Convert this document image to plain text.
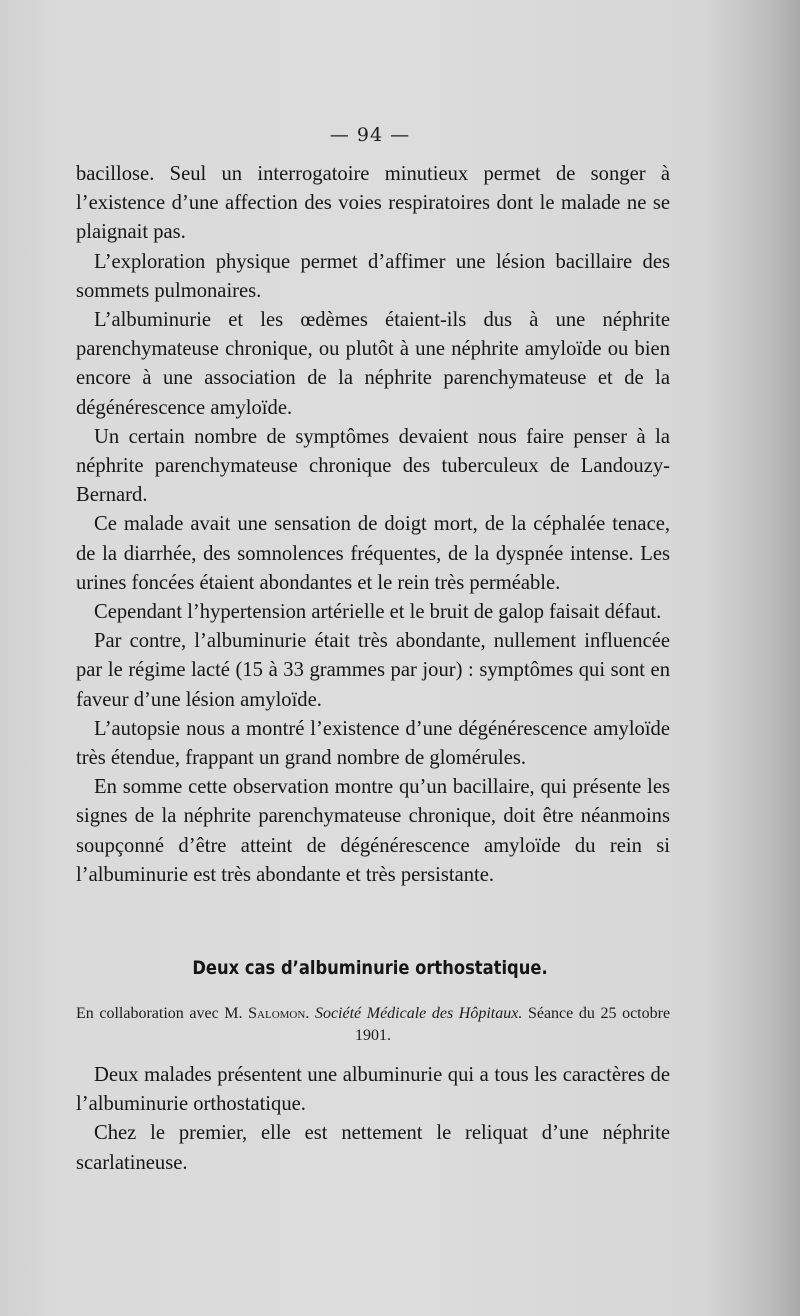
— 94 —

bacillose. Seul un interrogatoire minutieux permet de songer à l’existence d’une affection des voies respiratoires dont le malade ne se plaignait pas.

L’exploration physique permet d’affimer une lésion bacillaire des sommets pulmonaires.

L’albuminurie et les œdèmes étaient-ils dus à une néphrite parenchymateuse chronique, ou plutôt à une néphrite amyloïde ou bien encore à une association de la néphrite parenchymateuse et de la dégénérescence amyloïde.

Un certain nombre de symptômes devaient nous faire penser à la néphrite parenchymateuse chronique des tuberculeux de Landouzy-Bernard.

Ce malade avait une sensation de doigt mort, de la céphalée tenace, de la diarrhée, des somnolences fréquentes, de la dyspnée intense. Les urines foncées étaient abondantes et le rein très perméable.

Cependant l’hypertension artérielle et le bruit de galop faisait défaut.

Par contre, l’albuminurie était très abondante, nullement influencée par le régime lacté (15 à 33 grammes par jour) : symptômes qui sont en faveur d’une lésion amyloïde.

L’autopsie nous a montré l’existence d’une dégénérescence amyloïde très étendue, frappant un grand nombre de glomérules.

En somme cette observation montre qu’un bacillaire, qui présente les signes de la néphrite parenchymateuse chronique, doit être néanmoins soupçonné d’être atteint de dégénérescence amyloïde du rein si l’albuminurie est très abondante et très persistante.

Deux cas d’albuminurie orthostatique.
En collaboration avec M. Salomon. Société Médicale des Hôpitaux. Séance du 25 octobre 1901.

Deux malades présentent une albuminurie qui a tous les caractères de l’albuminurie orthostatique.

Chez le premier, elle est nettement le reliquat d’une néphrite scarlatineuse.
